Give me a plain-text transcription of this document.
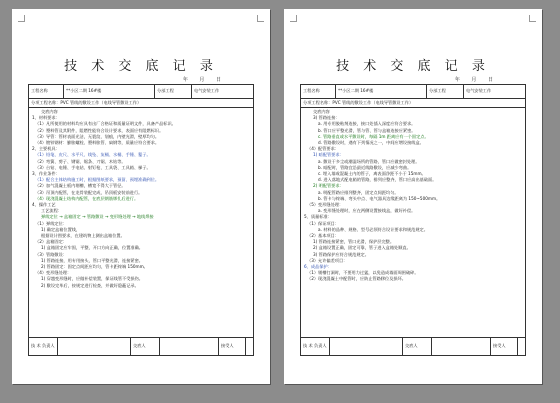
技 术 交 底 记 录
年 月 日
工程名称	**小区二期 16#楼	分部工程	电气安装工作
分项工程名称： PVC 管线的敷设工作（电线导管敷设工作）
交底内容
1、材料要求：
（1）凡所使用的材料均应具有出厂合格证和质量证明文件，具备产品标识。
（2）塑料管及其附件，阻燃性能符合设计要求，表面应有阻燃标识。
（3）导管：管材表面光洁，无裂纹、划痕，内壁光滑，壁厚均匀。
（4）镀锌钢材：膨胀螺栓、塑料胀管、扁钢等，质量应符合要求。
2、主要机具：
（1）铅笔、皮尺、水平尺、线坠、灰桶、水桶、手锤、錾子。
（2）弯簧、剪子、钢锯、锯条、刀锯、木钻等。
（3）台钻、电锤、手电钻、射钉枪、工具袋、工具箱、梯子。
3、作业条件：
（1）配合主体结构施工时，根据图纸要求，预留、预埋准确到位。
（2）加气混凝土板内剔槽，槽宽不得大于管径。
（3）吊顶内配管，在龙骨装配完成，吊顶板安装前进行。
（4）现浇混凝土结构内配管，在底层钢筋绑扎后进行。
4、操作工艺
工艺流程：
弹线定位 → 盒箱固定 → 管路敷设 → 变形缝处理 → 地线焊接
（1）弹线定位：
1) 确定盒箱位置线，
根据设计图要求，在建筑物上测出盒箱位置。
（2）盒箱固定：
1) 盒箱固定应牢固，平整，开口方向正确，位置准确。
（3）管路敷设：
1) 管路连接，用专用接头，管口平整光滑，连接紧密。
2) 管路固定：固定点间距应均匀，管卡距终端 150mm。
（4）变形缝处理：
1) 穿越变形缝时，应做补偿装置，保证线管不受损伤。
2) 敷设完毕后，按规定进行检查，并做好隐蔽记录。
技 术 负责人	交底人	接受人
技 术 交 底 记 录
年 月 日
工程名称	**小区二期 16#楼	分部工程	电气安装工作
分项工程名称： PVC 管线的敷设工作（电线导管敷设工作）
交底内容
3) 管路连接：
a. 用专用胶粘剂连接，接口处插入深度应符合要求。
b. 管口应平整光滑，管与管、管与盒箱连接应紧密。
c. 管路垂直或水平敷设时，每隔 1m 距离应有一个固定点。
d. 管路敷设时，遇有下列情况之一，中间应增设接线盒。
（4）配管要求：
1) 暗配管要求：
a. 敷设于多尘或潮湿场所的管路，管口应做密封处理。
b. 暗配时，管路宜沿最近线路敷设，应减少弯曲。
c. 埋入墙或混凝土内的管子，离表面净距不小于 15mm。
d. 进入落地式配电箱的管路，排列应整齐，管口应高出基础面。
2) 明配管要求：
a. 明配管路应排列整齐，固定点间距均匀。
b. 管卡与终端、弯头中点、电气器具边缘距离为 150~500mm。
（5）变形缝处理：
a. 变形缝处理时，应在两侧设置接线盒，做好补偿。
5、质量标准：
（1）保证项目：
a. 材料的品种、规格、型号必须符合设计要求和规范规定。
（2）基本项目：
1) 管路连接紧密，管口光滑，保护层完整。
2) 盒箱设置正确，固定可靠，管子进入盒箱处顺直。
3) 管路保护应符合规范规定。
（3）允许偏差项目：
6、成品保护：
（1）剔槽打洞时，不要用力过猛，以免造成墙面周围破碎。
（2）现浇混凝土中配管时，应防止管路移位及损坏。
技 术 负责人	交底人	接受人
